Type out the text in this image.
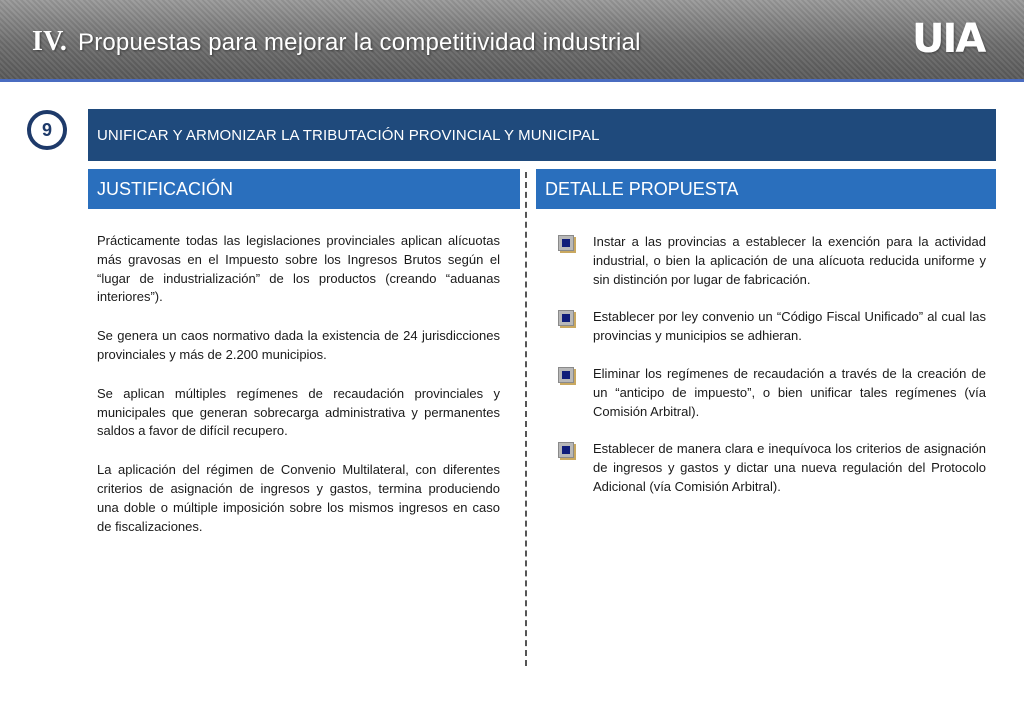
IV. Propuestas para mejorar la competitividad industrial	UIA
9	UNIFICAR Y ARMONIZAR LA TRIBUTACIÓN PROVINCIAL Y MUNICIPAL
JUSTIFICACIÓN	DETALLE PROPUESTA

Prácticamente todas las legislaciones provinciales aplican alícuotas más gravosas en el Impuesto sobre los Ingresos Brutos según el “lugar de industrialización” de los productos (creando “aduanas interiores”).

Se genera un caos normativo dada la existencia de 24 jurisdicciones provinciales y más de 2.200 municipios.

Se aplican múltiples regímenes de recaudación provinciales y municipales que generan sobrecarga administrativa y permanentes saldos a favor de difícil recupero.

La aplicación del régimen de Convenio Multilateral, con diferentes criterios de asignación de ingresos y gastos, termina produciendo una doble o múltiple imposición sobre los mismos ingresos en caso de fiscalizaciones.

Instar a las provincias a establecer la exención para la actividad industrial, o bien la aplicación de una alícuota reducida uniforme y sin distinción por lugar de fabricación.

Establecer por ley convenio un “Código Fiscal Unificado” al cual las provincias y municipios se adhieran.

Eliminar los regímenes de recaudación a través de la creación de un “anticipo de impuesto”, o bien unificar tales regímenes (vía Comisión Arbitral).

Establecer de manera clara e inequívoca los criterios de asignación de ingresos y gastos y dictar una nueva regulación del Protocolo Adicional (vía Comisión Arbitral).
